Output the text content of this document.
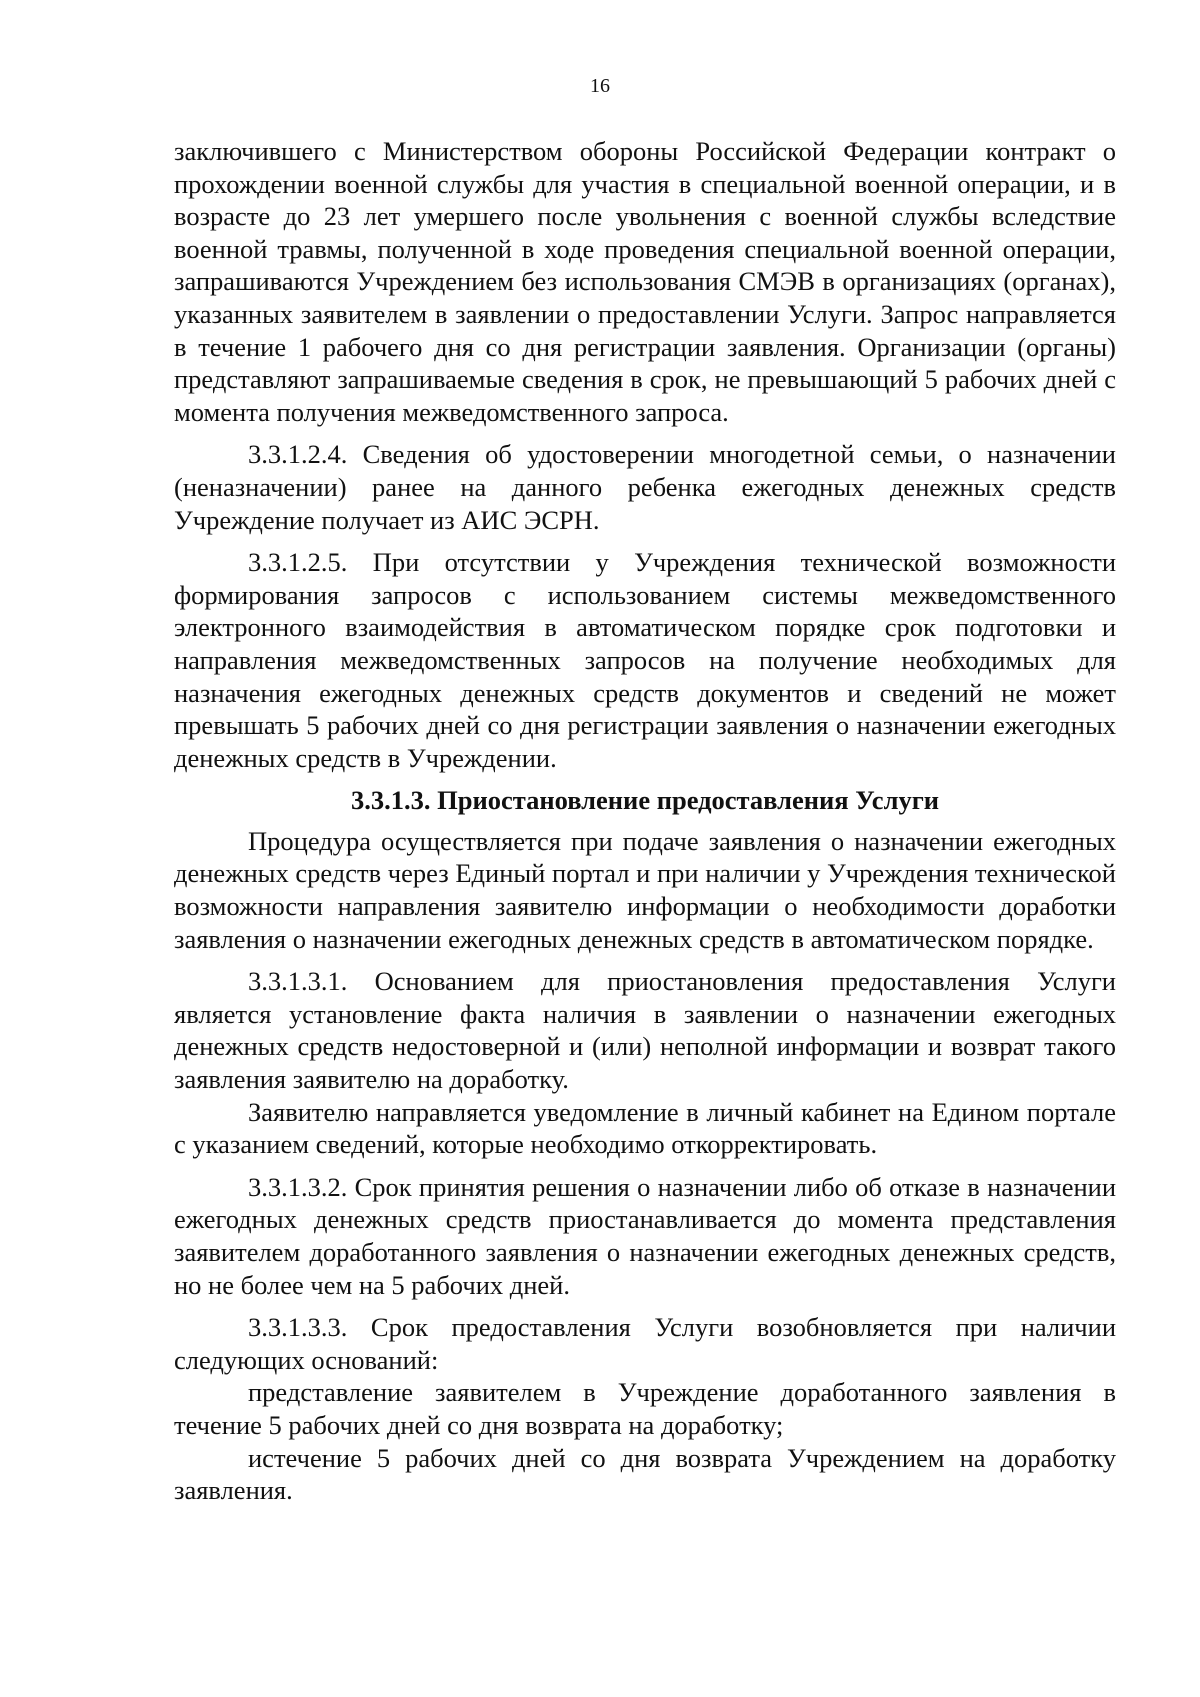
16

заключившего с Министерством обороны Российской Федерации контракт о прохождении военной службы для участия в специальной военной операции, и в возрасте до 23 лет умершего после увольнения с военной службы вследствие военной травмы, полученной в ходе проведения специальной военной операции, запрашиваются Учреждением без использования СМЭВ в организациях (органах), указанных заявителем в заявлении о предоставлении Услуги. Запрос направляется в течение 1 рабочего дня со дня регистрации заявления. Организации (органы) представляют запрашиваемые сведения в срок, не превышающий 5 рабочих дней с момента получения межведомственного запроса.

3.3.1.2.4. Сведения об удостоверении многодетной семьи, о назначении (неназначении) ранее на данного ребенка ежегодных денежных средств Учреждение получает из АИС ЭСРН.

3.3.1.2.5. При отсутствии у Учреждения технической возможности формирования запросов с использованием системы межведомственного электронного взаимодействия в автоматическом порядке срок подготовки и направления межведомственных запросов на получение необходимых для назначения ежегодных денежных средств документов и сведений не может превышать 5 рабочих дней со дня регистрации заявления о назначении ежегодных денежных средств в Учреждении.

3.3.1.3. Приостановление предоставления Услуги

Процедура осуществляется при подаче заявления о назначении ежегодных денежных средств через Единый портал и при наличии у Учреждения технической возможности направления заявителю информации о необходимости доработки заявления о назначении ежегодных денежных средств в автоматическом порядке.

3.3.1.3.1. Основанием для приостановления предоставления Услуги является установление факта наличия в заявлении о назначении ежегодных денежных средств недостоверной и (или) неполной информации и возврат такого заявления заявителю на доработку.

Заявителю направляется уведомление в личный кабинет на Едином портале с указанием сведений, которые необходимо откорректировать.

3.3.1.3.2. Срок принятия решения о назначении либо об отказе в назначении ежегодных денежных средств приостанавливается до момента представления заявителем доработанного заявления о назначении ежегодных денежных средств, но не более чем на 5 рабочих дней.

3.3.1.3.3. Срок предоставления Услуги возобновляется при наличии следующих оснований:

представление заявителем в Учреждение доработанного заявления в течение 5 рабочих дней со дня возврата на доработку;

истечение 5 рабочих дней со дня возврата Учреждением на доработку заявления.
